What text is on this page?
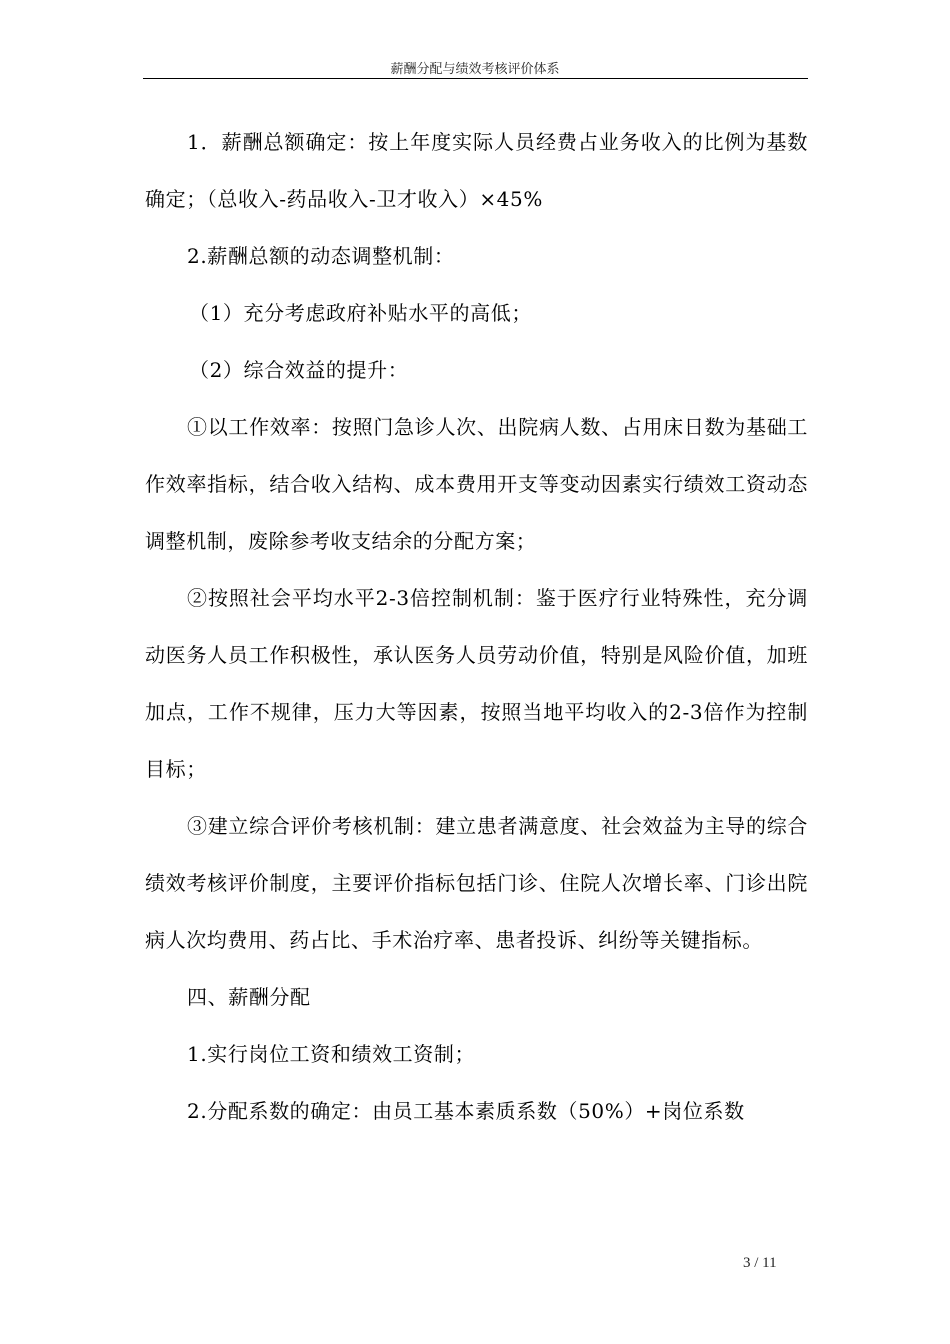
薪酬分配与绩效考核评价体系

1．薪酬总额确定：按上年度实际人员经费占业务收入的比例为基数确定；（总收入-药品收入-卫才收入）×45%

2.薪酬总额的动态调整机制：

（1）充分考虑政府补贴水平的高低；

（2）综合效益的提升：

①以工作效率：按照门急诊人次、出院病人数、占用床日数为基础工作效率指标，结合收入结构、成本费用开支等变动因素实行绩效工资动态调整机制，废除参考收支结余的分配方案；

②按照社会平均水平2-3倍控制机制：鉴于医疗行业特殊性，充分调动医务人员工作积极性，承认医务人员劳动价值，特别是风险价值，加班加点，工作不规律，压力大等因素，按照当地平均收入的2-3倍作为控制目标；

③建立综合评价考核机制：建立患者满意度、社会效益为主导的综合绩效考核评价制度，主要评价指标包括门诊、住院人次增长率、门诊出院病人次均费用、药占比、手术治疗率、患者投诉、纠纷等关键指标。

四、薪酬分配

1.实行岗位工资和绩效工资制；

2.分配系数的确定：由员工基本素质系数（50%）+岗位系数

3 / 11
